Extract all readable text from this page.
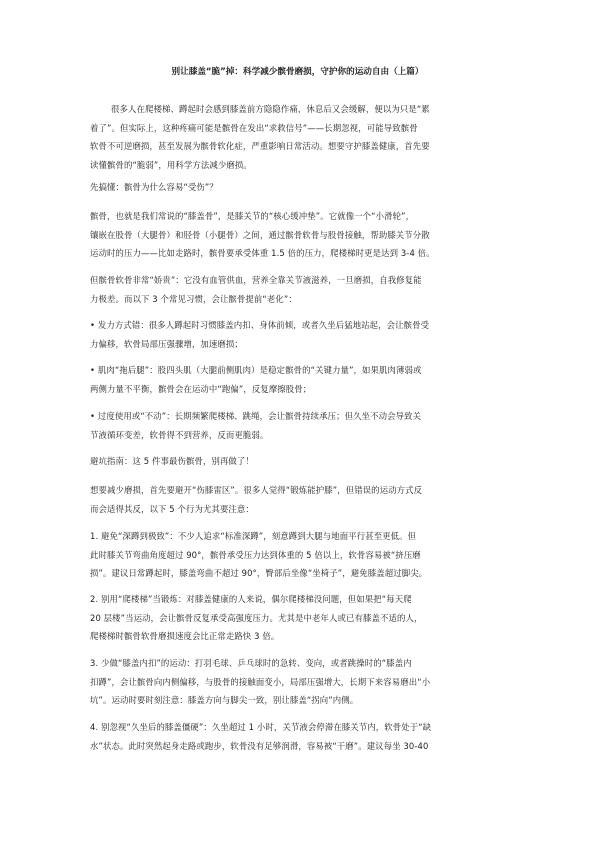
别让膝盖“脆”掉：科学减少髌骨磨损，守护你的运动自由（上篇）
很多人在爬楼梯、蹲起时会感到膝盖前方隐隐作痛，休息后又会缓解，便以为只是“累
着了”。但实际上，这种疼痛可能是髌骨在发出“求救信号”——长期忽视，可能导致髌骨
软骨不可逆磨损，甚至发展为髌骨软化症，严重影响日常活动。想要守护膝盖健康，首先要
读懂髌骨的“脆弱”，用科学方法减少磨损。
先搞懂：髌骨为什么容易“受伤”？
髌骨，也就是我们常说的“膝盖骨”，是膝关节的“核心缓冲垫”。它就像一个“小滑轮”，
镶嵌在股骨（大腿骨）和胫骨（小腿骨）之间，通过髌骨软骨与股骨接触，帮助膝关节分散
运动时的压力——比如走路时，髌骨要承受体重 1.5 倍的压力，爬楼梯时更是达到 3-4 倍。
但髌骨软骨非常“娇贵”：它没有血管供血，营养全靠关节液滋养，一旦磨损，自我修复能
力极差。而以下 3 个常见习惯，会让髌骨提前“老化”：
• 发力方式错：很多人蹲起时习惯膝盖内扣、身体前倾，或者久坐后猛地站起，会让髌骨受
力偏移，软骨局部压强骤增，加速磨损；
• 肌肉“拖后腿”：股四头肌（大腿前侧肌肉）是稳定髌骨的“关键力量”，如果肌肉薄弱或
两侧力量不平衡，髌骨会在运动中“跑偏”，反复摩擦股骨；
• 过度使用或“不动”：长期频繁爬楼梯、跳绳，会让髌骨持续承压；但久坐不动会导致关
节液循环变差，软骨得不到营养，反而更脆弱。
避坑指南：这 5 件事最伤髌骨，别再做了！
想要减少磨损，首先要避开“伤膝雷区”。很多人觉得“锻炼能护膝”，但错误的运动方式反
而会适得其反，以下 5 个行为尤其要注意：
1. 避免“深蹲到极致”：不少人追求“标准深蹲”，刻意蹲到大腿与地面平行甚至更低。但
此时膝关节弯曲角度超过 90°，髌骨承受压力达到体重的 5 倍以上，软骨容易被“挤压磨
损”。建议日常蹲起时，膝盖弯曲不超过 90°，臀部后坐像“坐椅子”，避免膝盖超过脚尖。
2. 别用“爬楼梯”当锻炼：对膝盖健康的人来说，偶尔爬楼梯没问题，但如果把“每天爬
20 层楼”当运动，会让髌骨反复承受高强度压力。尤其是中老年人或已有膝盖不适的人，
爬楼梯时髌骨软骨磨损速度会比正常走路快 3 倍。
3. 少做“膝盖内扣”的运动：打羽毛球、乒乓球时的急转、变向，或者跳操时的“膝盖内
扣蹲”，会让髌骨向内侧偏移，与股骨的接触面变小，局部压强增大，长期下来容易磨出“小
坑”。运动时要时刻注意：膝盖方向与脚尖一致，别让膝盖“拐向”内侧。
4. 别忽视“久坐后的膝盖僵硬”：久坐超过 1 小时，关节液会停滞在膝关节内，软骨处于“缺
水”状态。此时突然起身走路或跑步，软骨没有足够润滑，容易被“干磨”。建议每坐 30-40
